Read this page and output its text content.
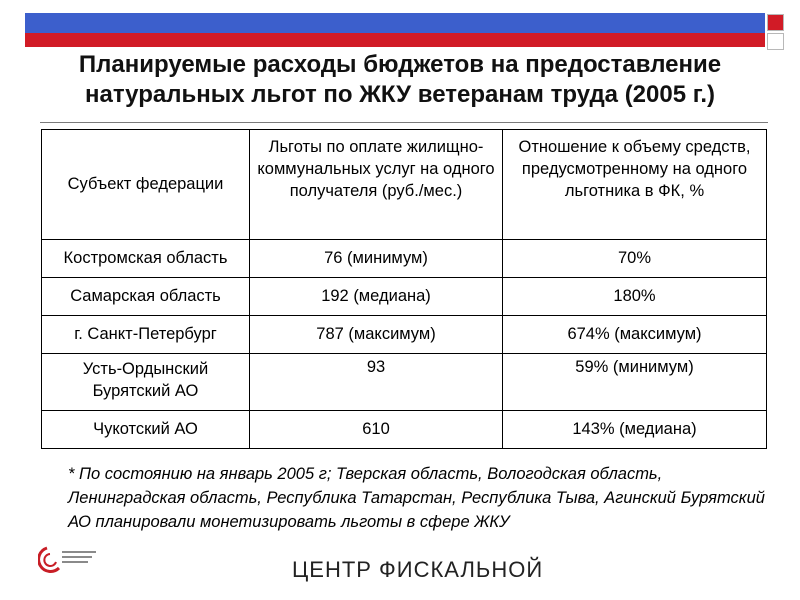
Планируемые расходы бюджетов на предоставление
натуральных льгот по ЖКУ ветеранам труда (2005 г.)
Субъект федерации	Льготы по оплате жилищно-коммунальных услуг на одного получателя (руб./мес.)	Отношение к объему средств, предусмотренному на одного льготника в ФК, %
Костромская область	76 (минимум)	70%
Самарская область	192 (медиана)	180%
г. Санкт-Петербург	787 (максимум)	674% (максимум)
Усть-Ордынский Бурятский АО	93	59% (минимум)
Чукотский АО	610	143% (медиана)
* По состоянию на январь 2005 г; Тверская область, Вологодская область, Ленинградская область, Республика Татарстан, Республика Тыва, Агинский Бурятский АО планировали монетизировать льготы в сфере ЖКУ
ЦЕНТР ФИСКАЛЬНОЙ
